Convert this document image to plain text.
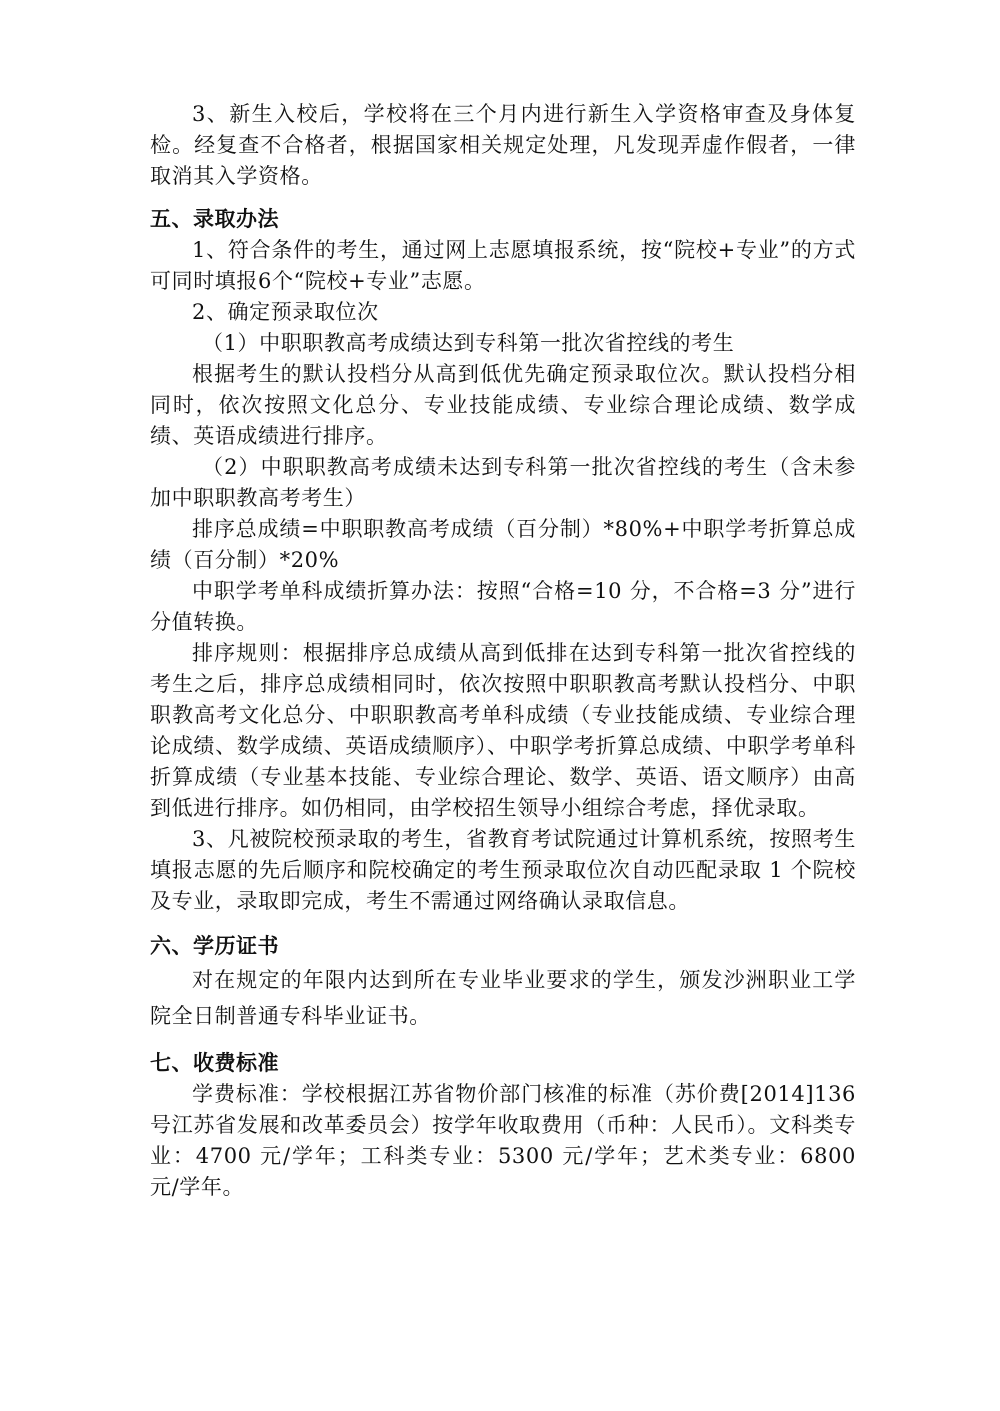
3、新生入校后，学校将在三个月内进行新生入学资格审查及身体复检。经复查不合格者，根据国家相关规定处理，凡发现弄虚作假者，一律取消其入学资格。

五、录取办法

1、符合条件的考生，通过网上志愿填报系统，按“院校+专业”的方式可同时填报6个“院校+专业”志愿。

2、确定预录取位次

（1）中职职教高考成绩达到专科第一批次省控线的考生

根据考生的默认投档分从高到低优先确定预录取位次。默认投档分相同时，依次按照文化总分、专业技能成绩、专业综合理论成绩、数学成绩、英语成绩进行排序。

（2）中职职教高考成绩未达到专科第一批次省控线的考生（含未参加中职职教高考考生）

排序总成绩=中职职教高考成绩（百分制）*80%+中职学考折算总成绩（百分制）*20%

中职学考单科成绩折算办法：按照“合格=10 分，不合格=3 分”进行分值转换。

排序规则：根据排序总成绩从高到低排在达到专科第一批次省控线的考生之后，排序总成绩相同时，依次按照中职职教高考默认投档分、中职职教高考文化总分、中职职教高考单科成绩（专业技能成绩、专业综合理论成绩、数学成绩、英语成绩顺序）、中职学考折算总成绩、中职学考单科折算成绩（专业基本技能、专业综合理论、数学、英语、语文顺序）由高到低进行排序。如仍相同，由学校招生领导小组综合考虑，择优录取。

3、凡被院校预录取的考生，省教育考试院通过计算机系统，按照考生填报志愿的先后顺序和院校确定的考生预录取位次自动匹配录取 1 个院校及专业，录取即完成，考生不需通过网络确认录取信息。

六、学历证书

对在规定的年限内达到所在专业毕业要求的学生，颁发沙洲职业工学院全日制普通专科毕业证书。

七、收费标准

学费标准：学校根据江苏省物价部门核准的标准（苏价费[2014]136 号江苏省发展和改革委员会）按学年收取费用（币种：人民币）。文科类专业：4700 元/学年；工科类专业：5300 元/学年；艺术类专业：6800 元/学年。
